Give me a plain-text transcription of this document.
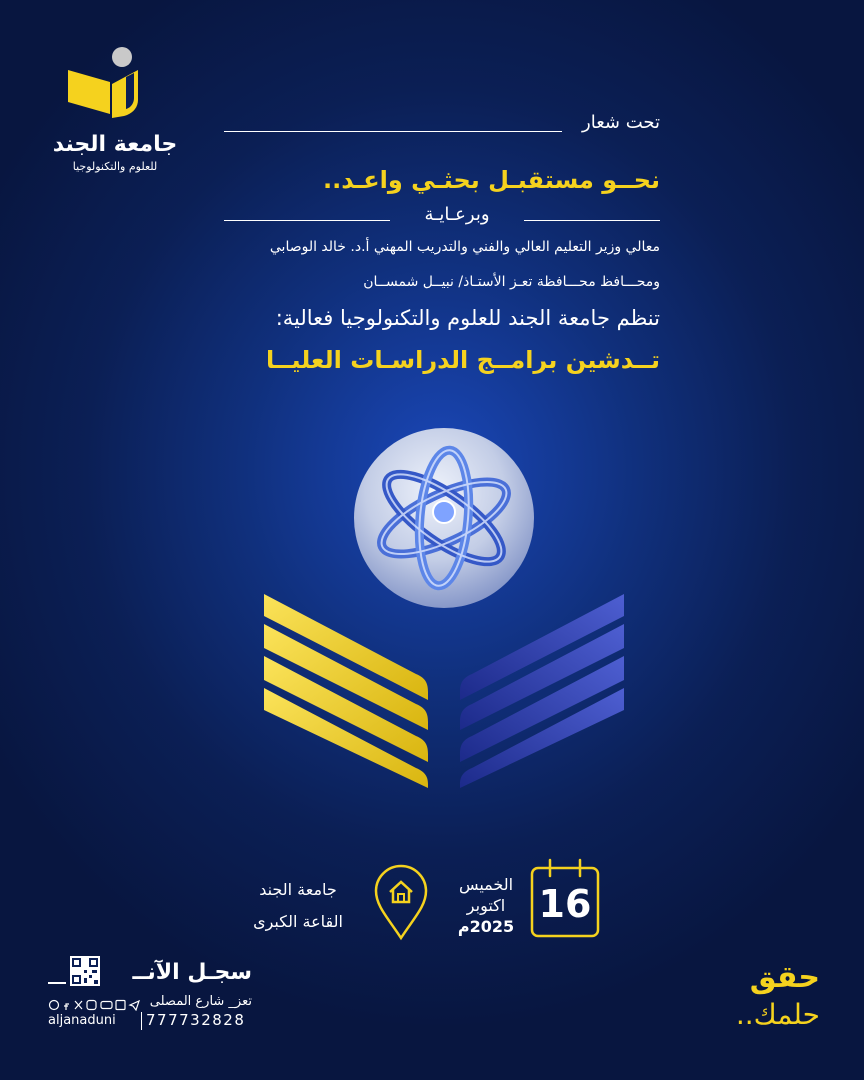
جامعة الجند
للعلوم والتكنولوجيا
تحت شعار
نحــو مستقبـل بحثـي واعـد..
وبرعـايـة
معالي وزير التعليم العالي والفني والتدريب المهني أ.د. خالد الوصابي
ومحـــافظ محـــافظة تعـز الأستـاذ/ نبيــل شمســان
تنظم جامعة الجند للعلوم والتكنولوجيا فعالية:
تــدشين برامــج الدراسـات العليــا
جامعة الجند
القاعة الكبرى
الخميس
اكتوبر
2025م
16
سجـل الآنــ
تعز_ شارع المصلى
aljanaduni	777732828
حقق
حلمك..
